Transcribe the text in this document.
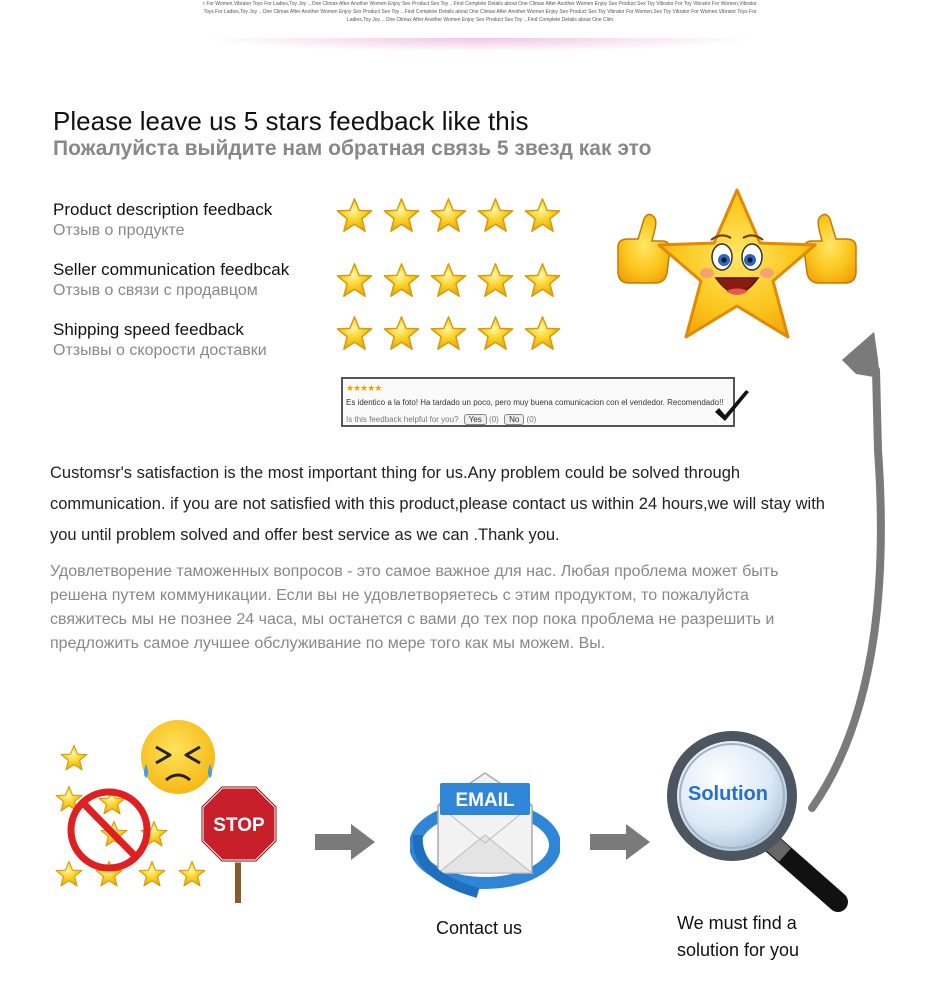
r For Women,Vibrator Toys For Ladies,Toy Joy ...One Climax After Another Women Enjoy Sex Product Sex Toy ...Find Complete Details about One Climax After Another Women Enjoy Sex Product Sex Toy Vibrator For Toy Vibrator For Women,Vibrator Toys For Ladies,Toy Joy ...One Climax After Another Women Enjoy Sex Product Sex Toy ...Find Complete Details about One Climax After Another Women Enjoy Sex Product Sex Toy Vibrator For Women,Sex Toy Vibrator For Women,Vibrator Toys For Ladies,Toy Joy ...One Climax After Another Women Enjoy Sex Product Sex Toy ...Find Complete Details about One Clim
Please leave us 5 stars feedback like this
Пожалуйста выйдите нам обратная связь 5 звезд как это
Product description feedback
Отзыв о продукте
Seller communication feedbcak
Отзыв о связи с продавцом
Shipping speed feedback
Отзывы о скорости доставки
★★★★★
Es identico a la foto! Ha tardado un poco, pero muy buena comunicacion con el vendedor. Recomendado!!
Is this feedback helpful for you? Yes (0) No (0)
Customsr's satisfaction is the most important thing for us.Any problem could be solved through communication. if you are not satisfied with this product,please contact us within 24 hours,we will stay with you until problem solved and offer best service as we can .Thank you.
Удовлетворение таможенных вопросов - это самое важное для нас. Любая проблема может быть решена путем коммуникации. Если вы не удовлетворяетесь с этим продуктом, то пожалуйста свяжитесь мы не познее 24 часа, мы останется с вами до тех пор пока проблема не разрешить и предложить самое лучшее обслуживание по мере того как мы можем. Вы.
STOP
EMAIL
Contact us
Solution
We must find a
solution for you
